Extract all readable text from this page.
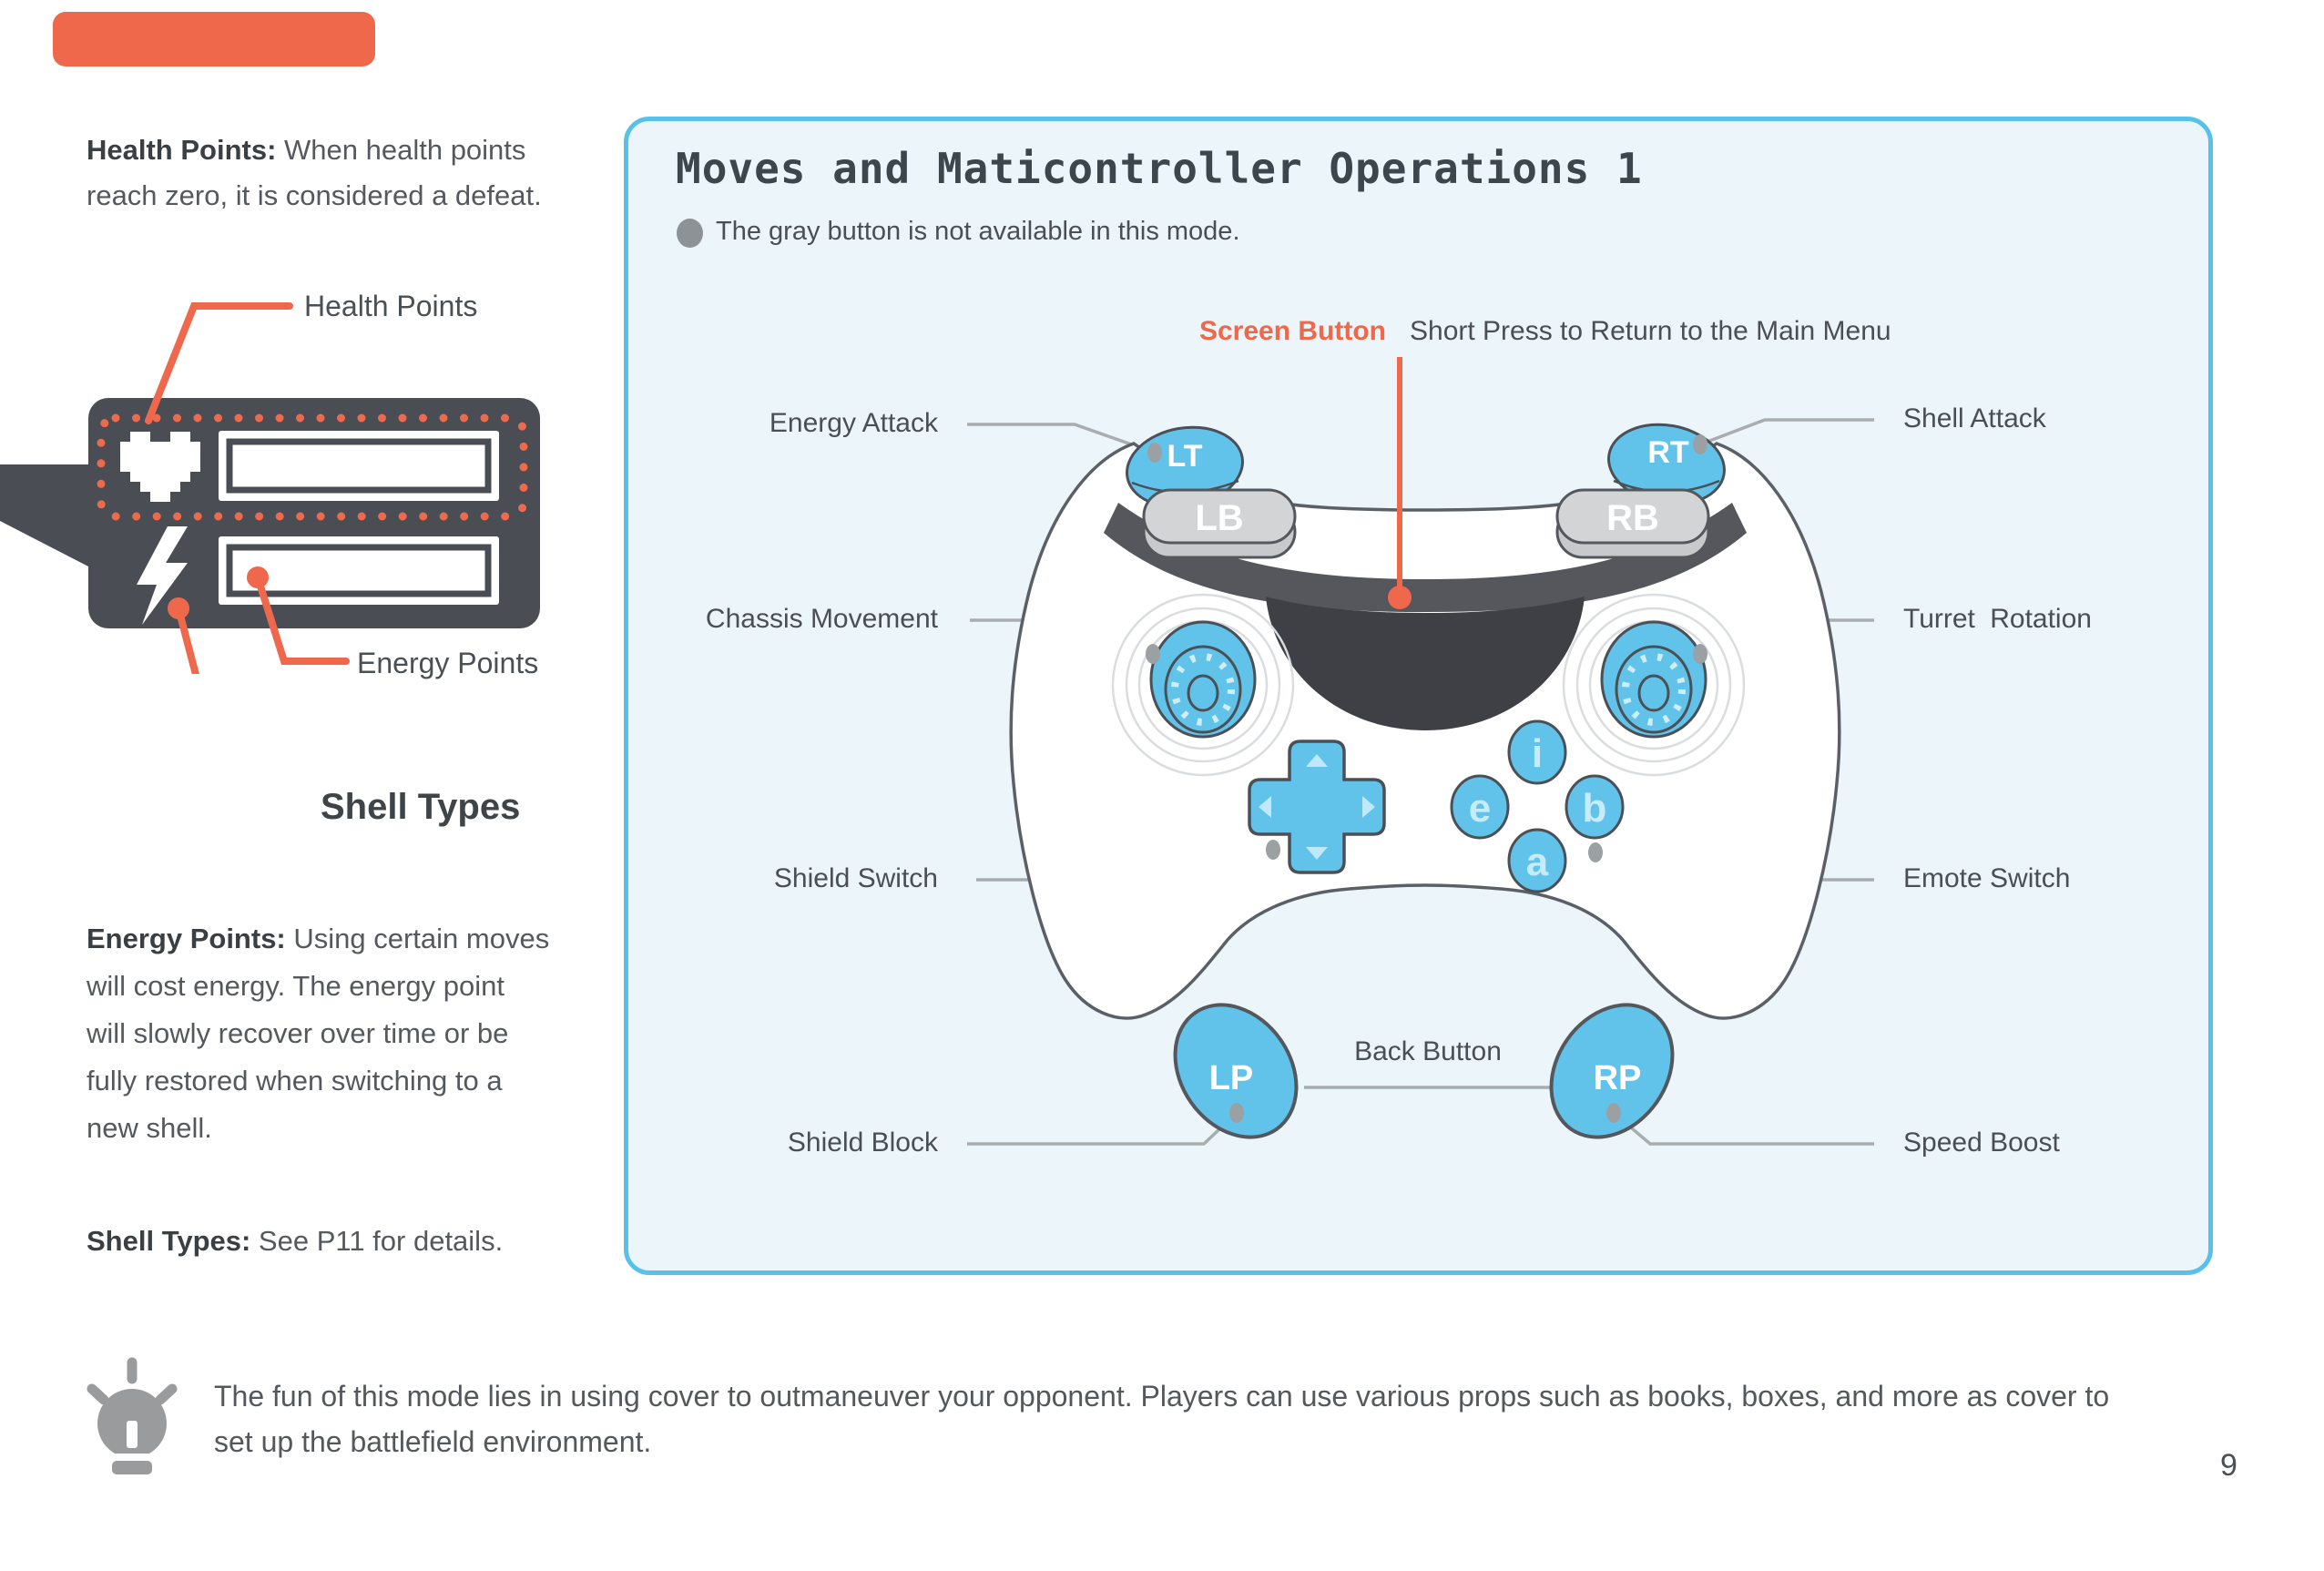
Health Points: When health points
reach zero, it is considered a defeat.
Health Points
Energy Points
Shell Types
Energy Points: Using certain moves
will cost energy. The energy point
will slowly recover over time or be
fully restored when switching to a
new shell.
Shell Types: See P11 for details.
Moves and Maticontroller Operations 1
The gray button is not available in this mode.
LT	RT
LB	RB
i
e b
a
LP	RP
Screen Button Short Press to Return to the Main Menu
Energy Attack
Chassis Movement
Shield Switch
Shield Block
Shell Attack
Turret Rotation
Emote Switch
Speed Boost
Back Button
The fun of this mode lies in using cover to outmaneuver your opponent. Players can use various props such as books, boxes, and more as cover to
set up the battlefield environment.
9
